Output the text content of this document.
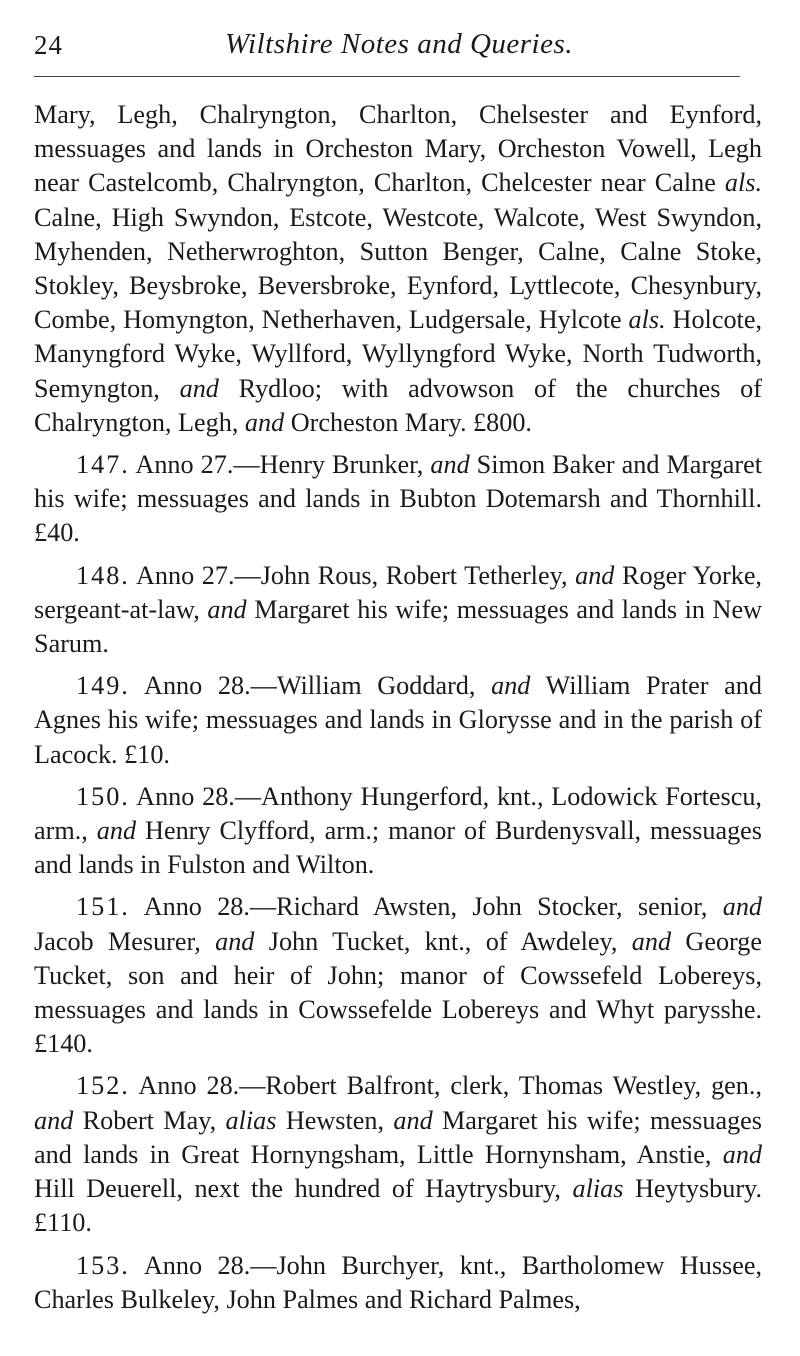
24	Wiltshire Notes and Queries.

Mary, Legh, Chalryngton, Charlton, Chelsester and Eynford, messuages and lands in Orcheston Mary, Orcheston Vowell, Legh near Castelcomb, Chalryngton, Charlton, Chelcester near Calne als. Calne, High Swyndon, Estcote, Westcote, Walcote, West Swyndon, Myhenden, Netherwroghton, Sutton Benger, Calne, Calne Stoke, Stokley, Beysbroke, Beversbroke, Eynford, Lyttlecote, Chesynbury, Combe, Homyngton, Netherhaven, Ludgersale, Hylcote als. Holcote, Manyngford Wyke, Wyllford, Wyllyngford Wyke, North Tudworth, Semyngton, and Rydloo; with advowson of the churches of Chalryngton, Legh, and Orcheston Mary. £800.

147. Anno 27.—Henry Brunker, and Simon Baker and Margaret his wife; messuages and lands in Bubton Dotemarsh and Thornhill. £40.

148. Anno 27.—John Rous, Robert Tetherley, and Roger Yorke, sergeant-at-law, and Margaret his wife; messuages and lands in New Sarum.

149. Anno 28.—William Goddard, and William Prater and Agnes his wife; messuages and lands in Glorysse and in the parish of Lacock. £10.

150. Anno 28.—Anthony Hungerford, knt., Lodowick Fortescu, arm., and Henry Clyfford, arm.; manor of Burdenysvall, messuages and lands in Fulston and Wilton.

151. Anno 28.—Richard Awsten, John Stocker, senior, and Jacob Mesurer, and John Tucket, knt., of Awdeley, and George Tucket, son and heir of John; manor of Cowssefeld Lobereys, messuages and lands in Cowssefelde Lobereys and Whyt parysshe. £140.

152. Anno 28.—Robert Balfront, clerk, Thomas Westley, gen., and Robert May, alias Hewsten, and Margaret his wife; messuages and lands in Great Hornyngsham, Little Hornynsham, Anstie, and Hill Deuerell, next the hundred of Haytrysbury, alias Heytysbury. £110.

153. Anno 28.—John Burchyer, knt., Bartholomew Hussee, Charles Bulkeley, John Palmes and Richard Palmes,
